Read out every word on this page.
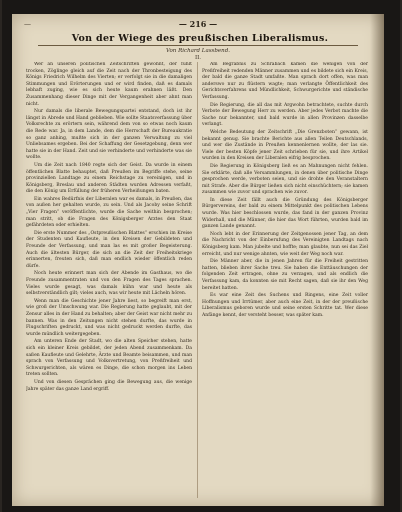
—	— 216 —
Von der Wiege des preußischen Liberalismus.
Von Richard Lassbend.
II.

Wer an unseren politischen Zeitschriften gewöhnt, der fühlt trocken, Zöglinge gleich auf die Zeit nach der Thronbesteigung des Königs Friedrich Wilhelm des Vierten; er verfolgt sie in die damaligen Stimmungen und Erörterungen und er wird finden, daß es damals lebhaft zuging, wie es sich heute kaum erahnen läßt. Den Zusammenhang dieser Dinge mit der Vergangenheit aber ahnt man nicht.

Nur damals die liberale Bewegungspartei entstand, doch ist ihr längst in Abrede und Hand geblieben. Wie sollte Staatsverfassung über Volksrechte zu erörtern sein, während dem von so etwas noch kaum die Rede war. Ja, in dem Lande, dem die Herrschaft der Bureaukratie so ganz anhing, mußte sich in der ganzen Verwaltung zu viel Unliebsames ergeben. Bei der Schaffung der Gesetzgebung, denn wer hatte sie in der Hand. Zeit und sie verhinderte und verhinderte was sie wollte.

Um die Zeit nach 1840 regte sich der Geist. Da wurde in einem öffentlichen Blatte behauptet, daß Preußen im Begriffe stehe, seine provinziellen Landtage zu einem Reichstage zu vereinigen, und in Königsberg, Breslau und anderen Städten wurden Adressen verfaßt, die den König um Erfüllung der früheren Verheißungen baten.

Ein wahres Bedürfnis der Liberalen war es damals, in Preußen, das von außen her gehalten wurde, zu sein. Und als Jacoby seine Schrift „Vier Fragen“ veröffentlichte, wurde die Sache weithin besprochen; man stritt, ob die Fragen des Königsberger Arztes den Staat gefährdeten oder erhielten.

Die erste Nummer des „Ostpreußischen Blattes“ erschien im Kreise der Studenten und Kaufleute, in den Kreisen der Gebildeten und Freunde der Verfassung, und man las es mit großer Begeisterung. Auch die ältesten Bürger, die sich an die Zeit der Freiheitskriege erinnerten, freuten sich, daß man endlich wieder öffentlich reden dürfe.

Noch heute erinnert man sich der Abende im Gasthaus, wo die Freunde zusammentraten und von den Fragen des Tages sprachen. Vieles wurde gesagt, was damals kühn war und heute als selbstverständlich gilt; vieles auch, was wir heute mit Lächeln hören.

Wenn man die Geschichte jener Jahre liest, so begreift man erst, wie groß der Umschwung war. Die Regierung hatte geglaubt, mit der Zensur alles in der Hand zu behalten; aber der Geist war nicht mehr zu bannen. Was in den Zeitungen nicht stehen durfte, das wurde in Flugschriften gedruckt, und was nicht gedruckt werden durfte, das wurde mündlich weitergegeben.

Am unteren Ende der Stadt, wo die alten Speicher stehen, hatte sich ein kleiner Kreis gebildet, der jeden Abend zusammenkam. Da saßen Kaufleute und Gelehrte, Ärzte und Beamte beisammen, und man sprach von Verfassung und Volksvertretung, von Preßfreiheit und Schwurgerichten, als wären es Dinge, die schon morgen ins Leben treten sollten.

Und von diesen Gesprächen ging die Bewegung aus, die wenige Jahre später das ganze Land ergriff.

Am Begräbnis zu Schrabach kamen die wenigen von der Preßfreiheit redenden Männer zusammen und es bildete sich ein Kreis, der bald die ganze Stadt umfaßte. Man sprach dort offen, was man anderswo nur zu flüstern wagte; man verlangte Öffentlichkeit des Gerichtsverfahrens und Mündlichkeit, Schwurgerichte und ständische Verfassung.

Die Regierung, die all das mit Argwohn betrachtete, suchte durch Verbote der Bewegung Herr zu werden. Aber jedes Verbot machte die Sache nur bekannter, und bald wurde in allen Provinzen dasselbe verlangt.

Welche Bedeutung der Zeitschrift „Die Grenzboten“ gewann, ist bekannt genug. Sie brachte Berichte aus allen Teilen Deutschlands, und wer die Zustände in Preußen kennenlernen wollte, der las sie. Viele der besten Köpfe jener Zeit schrieben für sie, und ihre Artikel wurden in den Kreisen der Liberalen eifrig besprochen.

Die Regierung in Königsberg ließ es an Mahnungen nicht fehlen. Sie erklärte, daß alle Versammlungen, in denen über politische Dinge gesprochen werde, verboten seien, und sie drohte den Veranstaltern mit Strafe. Aber die Bürger ließen sich nicht einschüchtern; sie kamen zusammen wie zuvor und sprachen wie zuvor.

In diese Zeit fällt auch die Gründung des Königsberger Bürgervereins, der bald zu einem Mittelpunkt des politischen Lebens wurde. Was hier beschlossen wurde, das fand in der ganzen Provinz Widerhall, und die Männer, die hier das Wort führten, wurden bald im ganzen Lande genannt.

Noch lebt in der Erinnerung der Zeitgenossen jener Tag, an dem die Nachricht von der Einberufung des Vereinigten Landtags nach Königsberg kam. Man jubelte und hoffte; man glaubte, nun sei das Ziel erreicht, und nur wenige ahnten, wie weit der Weg noch war.

Die Männer aber, die in jenen Jahren für die Freiheit gestritten hatten, blieben ihrer Sache treu. Sie haben die Enttäuschungen der folgenden Zeit ertragen, ohne zu verzagen, und als endlich die Verfassung kam, da konnten sie mit Recht sagen, daß sie ihr den Weg bereitet hatten.

Es war eine Zeit des Suchens und Ringens, eine Zeit voller Hoffnungen und Irrtümer, aber auch eine Zeit, in der der preußische Liberalismus geboren wurde und seine ersten Schritte tat. Wer diese Anfänge kennt, der versteht besser, was später kam.
